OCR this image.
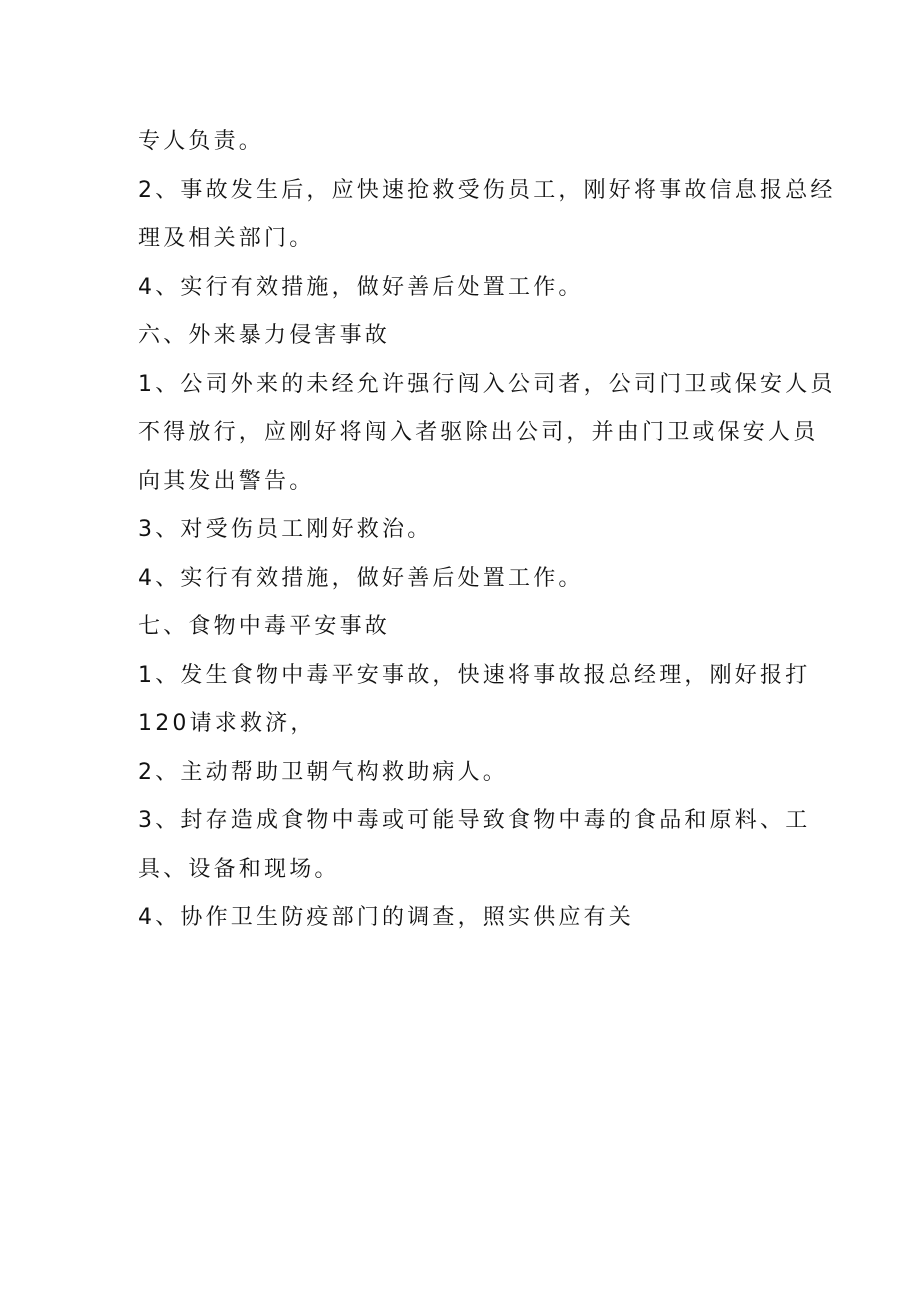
专人负责。
2、事故发生后，应快速抢救受伤员工，刚好将事故信息报总经
理及相关部门。
4、实行有效措施，做好善后处置工作。
六、外来暴力侵害事故
1、公司外来的未经允许强行闯入公司者，公司门卫或保安人员
不得放行，应刚好将闯入者驱除出公司，并由门卫或保安人员
向其发出警告。
3、对受伤员工刚好救治。
4、实行有效措施，做好善后处置工作。
七、食物中毒平安事故
1、发生食物中毒平安事故，快速将事故报总经理，刚好报打
120请求救济，
2、主动帮助卫朝气构救助病人。
3、封存造成食物中毒或可能导致食物中毒的食品和原料、工
具、设备和现场。
4、协作卫生防疫部门的调查，照实供应有关
